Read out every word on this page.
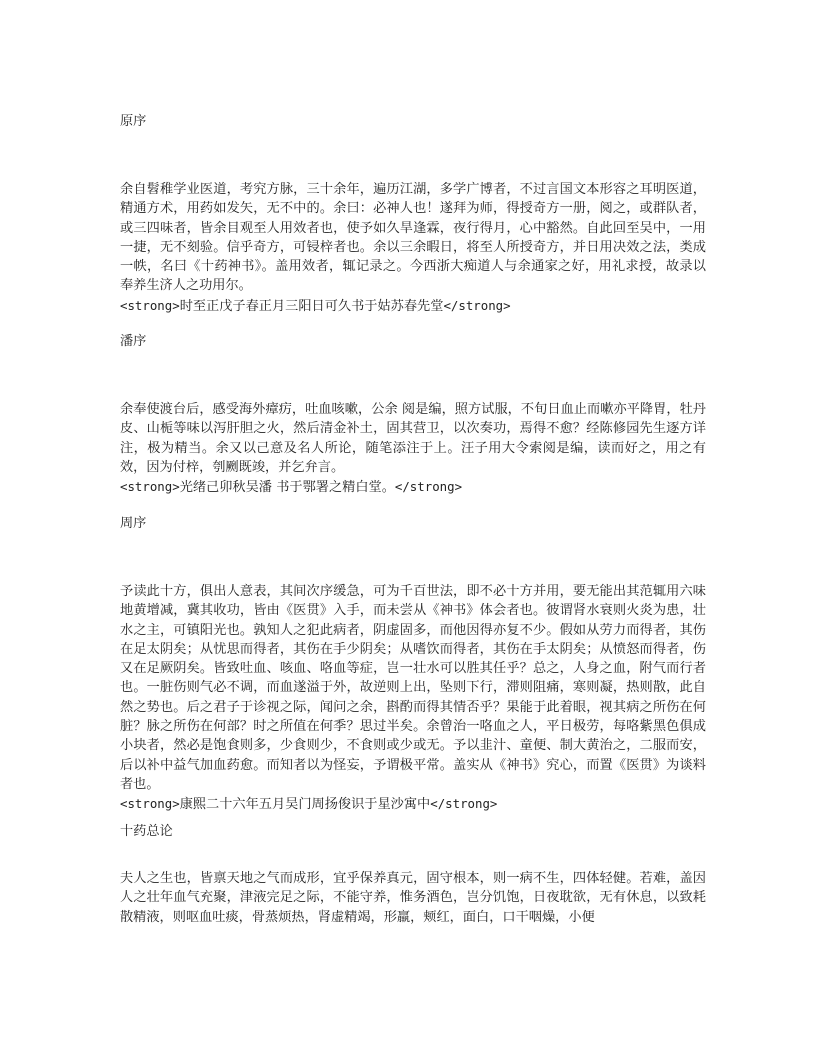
原序

余自髫稚学业医道，考究方脉，三十余年，遍历江湖，多学广博者，不过言国文本形容之耳明医道，精通方术，用药如发矢，无不中的。余曰：必神人也！遂拜为师，得授奇方一册，阅之，或群队者，或三四味者，皆余目观至人用效者也，使予如久旱逢霖，夜行得月，心中豁然。自此回至吴中，一用一捷，无不刻验。信乎奇方，可锓梓者也。余以三余暇日，将至人所授奇方，并日用决效之法，类成一帙，名曰《十药神书》。盖用效者，辄记录之。今西浙大痴道人与余通家之好，用礼求授，故录以奉养生济人之功用尔。

<strong>时至正戊子春正月三阳日可久书于姑苏春先堂</strong>

潘序

余奉使渡台后，感受海外瘴疠，吐血咳嗽，公余 阅是编，照方试服，不旬日血止而嗽亦平降胃，牡丹皮、山栀等味以泻肝胆之火，然后清金补土，固其营卫，以次奏功，焉得不愈？经陈修园先生逐方详注，极为精当。余又以己意及名人所论，随笔添注于上。汪子用大令索阅是编，读而好之，用之有效，因为付梓，刳劂既竣，并乞弁言。

<strong>光绪己卯秋吴潘 书于鄂署之精白堂。</strong>

周序

予读此十方，俱出人意表，其间次序缓急，可为千百世法，即不必十方并用，要无能出其范辄用六味地黄增减，冀其收功，皆由《医贯》入手，而未尝从《神书》体会者也。彼谓肾水衰则火炎为患，壮水之主，可镇阳光也。孰知人之犯此病者，阴虚固多，而他因得亦复不少。假如从劳力而得者，其伤在足太阴矣；从忧思而得者，其伤在手少阴矣；从嗜饮而得者，其伤在手太阴矣；从愤怒而得者，伤又在足厥阴矣。皆致吐血、咳血、咯血等症，岂一壮水可以胜其任乎？总之，人身之血，附气而行者也。一脏伤则气必不调，而血遂溢于外，故逆则上出，坠则下行，滞则阻痛，寒则凝，热则散，此自然之势也。后之君子于诊视之际，闻问之余，斟酌而得其情否乎？果能于此着眼，视其病之所伤在何脏？脉之所伤在何部？时之所值在何季？思过半矣。余曾治一咯血之人，平日极劳，每咯紫黑色俱成小块者，然必是饱食则多，少食则少，不食则或少或无。予以韭汁、童便、制大黄治之，二服而安，后以补中益气加血药愈。而知者以为怪妄，予谓极平常。盖实从《神书》究心，而置《医贯》为谈料者也。

<strong>康熙二十六年五月吴门周扬俊识于星沙寓中</strong>

十药总论

夫人之生也，皆禀天地之气而成形，宜乎保养真元，固守根本，则一病不生，四体轻健。若难，盖因人之壮年血气充聚，津液完足之际，不能守养，惟务酒色，岂分饥饱，日夜耽欲，无有休息，以致耗散精液，则呕血吐痰，骨蒸烦热，肾虚精竭，形羸，颊红，面白，口干咽燥，小便
